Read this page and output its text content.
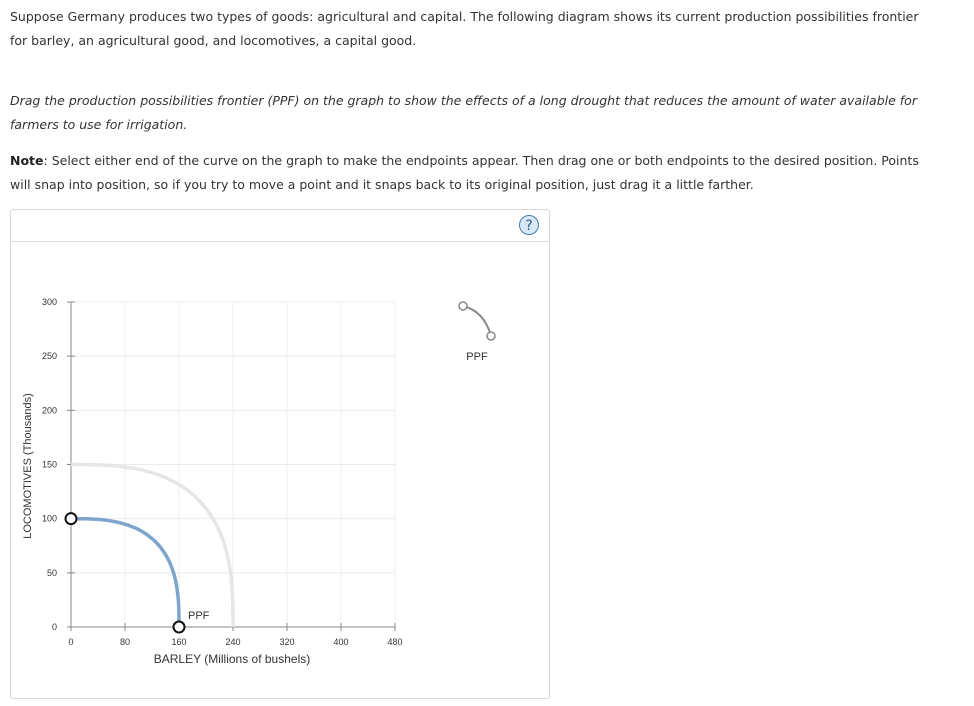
Suppose Germany produces two types of goods: agricultural and capital. The following diagram shows its current production possibilities frontier for barley, an agricultural good, and locomotives, a capital good.

Drag the production possibilities frontier (PPF) on the graph to show the effects of a long drought that reduces the amount of water available for farmers to use for irrigation.

Note: Select either end of the curve on the graph to make the endpoints appear. Then drag one or both endpoints to the desired position. Points will snap into position, so if you try to move a point and it snaps back to its original position, just drag it a little farther.

?
0	80	160	240	320	400	480
0
50
100
150
200
250
300
LOCOMOTIVES (Thousands)
BARLEY (Millions of bushels)
PPF
PPF
